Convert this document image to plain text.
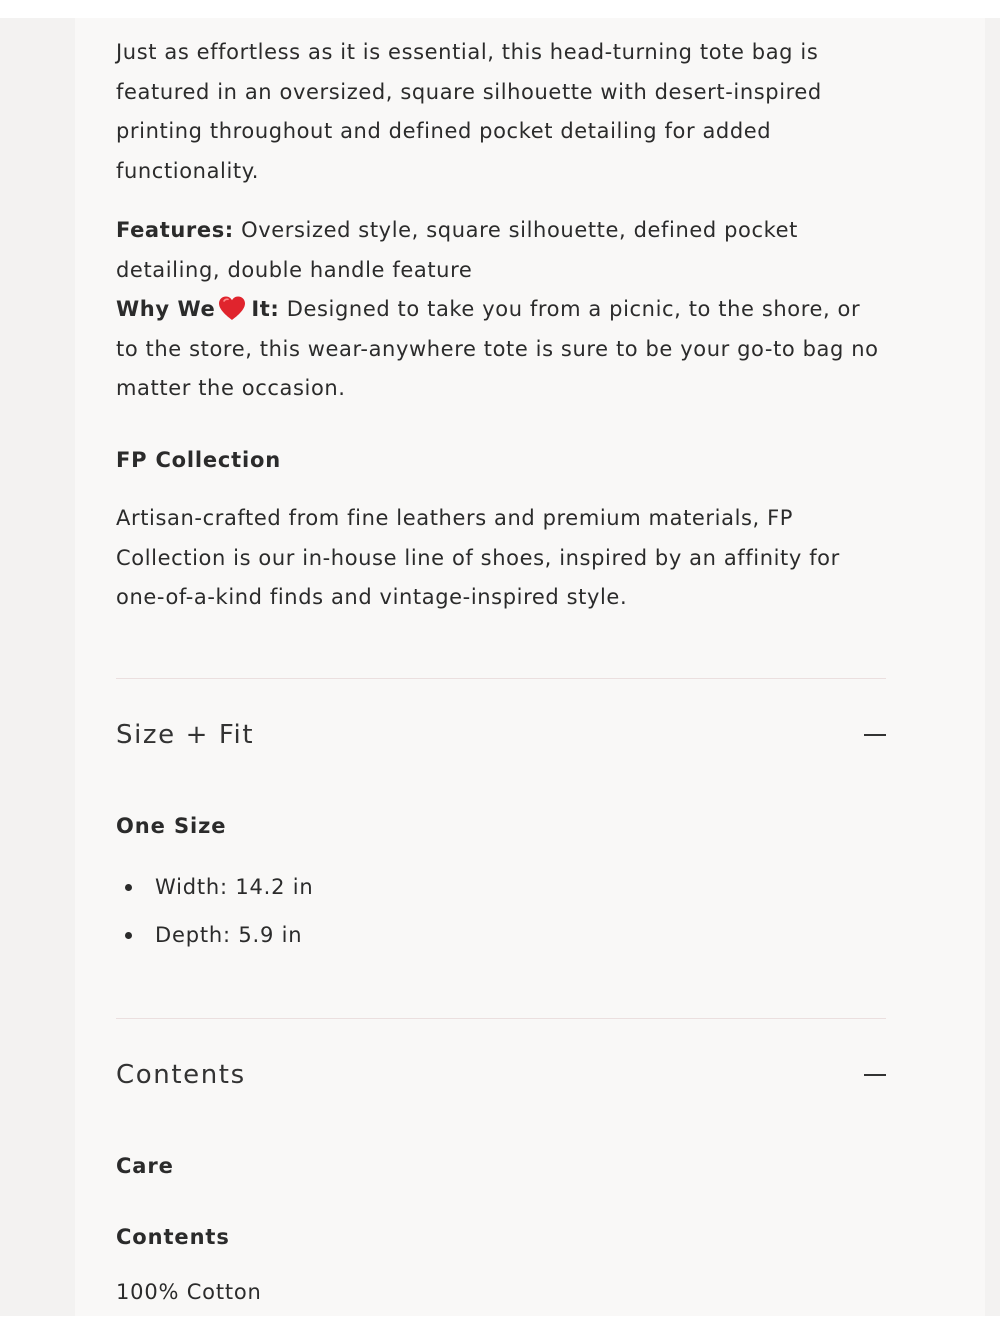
Just as effortless as it is essential, this head-turning tote bag is featured in an oversized, square silhouette with desert-inspired printing throughout and defined pocket detailing for added functionality.

Features: Oversized style, square silhouette, defined pocket detailing, double handle feature

Why We It: Designed to take you from a picnic, to the shore, or to the store, this wear-anywhere tote is sure to be your go-to bag no matter the occasion.

FP Collection

Artisan-crafted from fine leathers and premium materials, FP Collection is our in-house line of shoes, inspired by an affinity for one-of-a-kind finds and vintage-inspired style.

Size + Fit
One Size
Width: 14.2 in
Depth: 5.9 in
Contents
Care
Contents

100% Cotton
